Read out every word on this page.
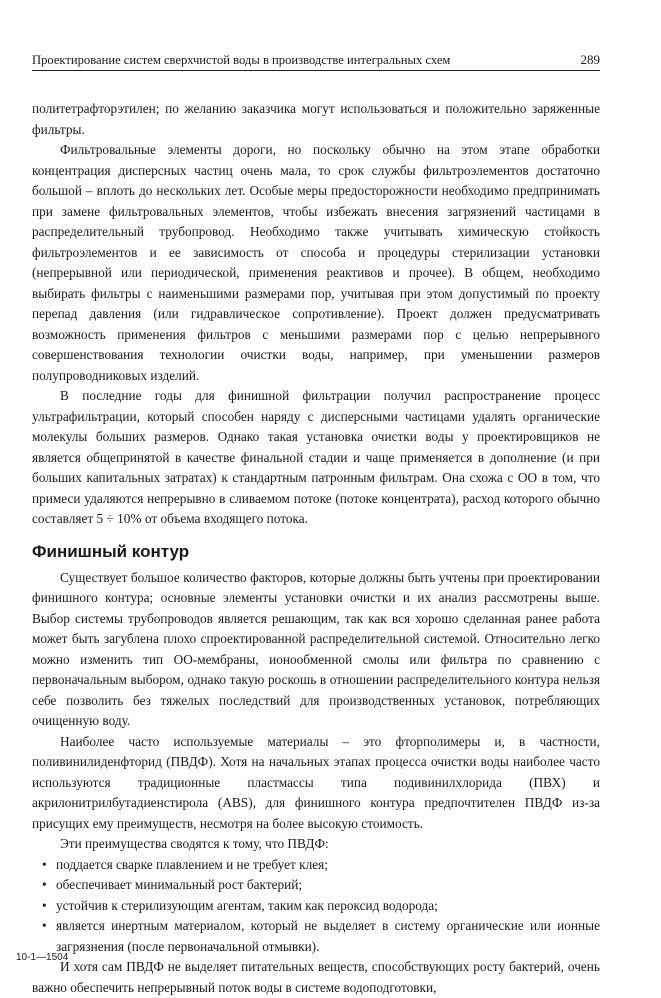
Проектирование систем сверхчистой воды в производстве интегральных схем	289

политетрафторэтилен; по желанию заказчика могут использоваться и положительно заряженные фильтры.

Фильтровальные элементы дороги, но поскольку обычно на этом этапе обработки концентрация дисперсных частиц очень мала, то срок службы фильтроэлементов достаточно большой – вплоть до нескольких лет. Особые меры предосторожности необходимо предпринимать при замене фильтровальных элементов, чтобы избежать внесения загрязнений частицами в распределительный трубопровод. Необходимо также учитывать химическую стойкость фильтроэлементов и ее зависимость от способа и процедуры стерилизации установки (непрерывной или периодической, применения реактивов и прочее). В общем, необходимо выбирать фильтры с наименьшими размерами пор, учитывая при этом допустимый по проекту перепад давления (или гидравлическое сопротивление). Проект должен предусматривать возможность применения фильтров с меньшими размерами пор с целью непрерывного совершенствования технологии очистки воды, например, при уменьшении размеров полупроводниковых изделий.

В последние годы для финишной фильтрации получил распространение процесс ультрафильтрации, который способен наряду с дисперсными частицами удалять органические молекулы больших размеров. Однако такая установка очистки воды у проектировщиков не является общепринятой в качестве финальной стадии и чаще применяется в дополнение (и при больших капитальных затратах) к стандартным патронным фильтрам. Она схожа с ОО в том, что примеси удаляются непрерывно в сливаемом потоке (потоке концентрата), расход которого обычно составляет 5 ÷ 10% от объема входящего потока.

Финишный контур

Существует большое количество факторов, которые должны быть учтены при проектировании финишного контура; основные элементы установки очистки и их анализ рассмотрены выше. Выбор системы трубопроводов является решающим, так как вся хорошо сделанная ранее работа может быть загублена плохо спроектированной распределительной системой. Относительно легко можно изменить тип ОО-мембраны, ионообменной смолы или фильтра по сравнению с первоначальным выбором, однако такую роскошь в отношении распределительного контура нельзя себе позволить без тяжелых последствий для производственных установок, потребляющих очищенную воду.

Наиболее часто используемые материалы – это фторполимеры и, в частности, поливинилиденфторид (ПВДФ). Хотя на начальных этапах процесса очистки воды наиболее часто используются традиционные пластмассы типа подивинилхлорида (ПВХ) и акрилонитрилбутадиенстирола (ABS), для финишного контура предпочтителен ПВДФ из-за присущих ему преимуществ, несмотря на более высокую стоимость.

Эти преимущества сводятся к тому, что ПВДФ:

• поддается сварке плавлением и не требует клея;
• обеспечивает минимальный рост бактерий;
• устойчив к стерилизующим агентам, таким как пероксид водорода;
• является инертным материалом, который не выделяет в систему органические или ионные загрязнения (после первоначальной отмывки).

И хотя сам ПВДФ не выделяет питательных веществ, способствующих росту бактерий, очень важно обеспечить непрерывный поток воды в системе водоподготовки,

10-1—1504
